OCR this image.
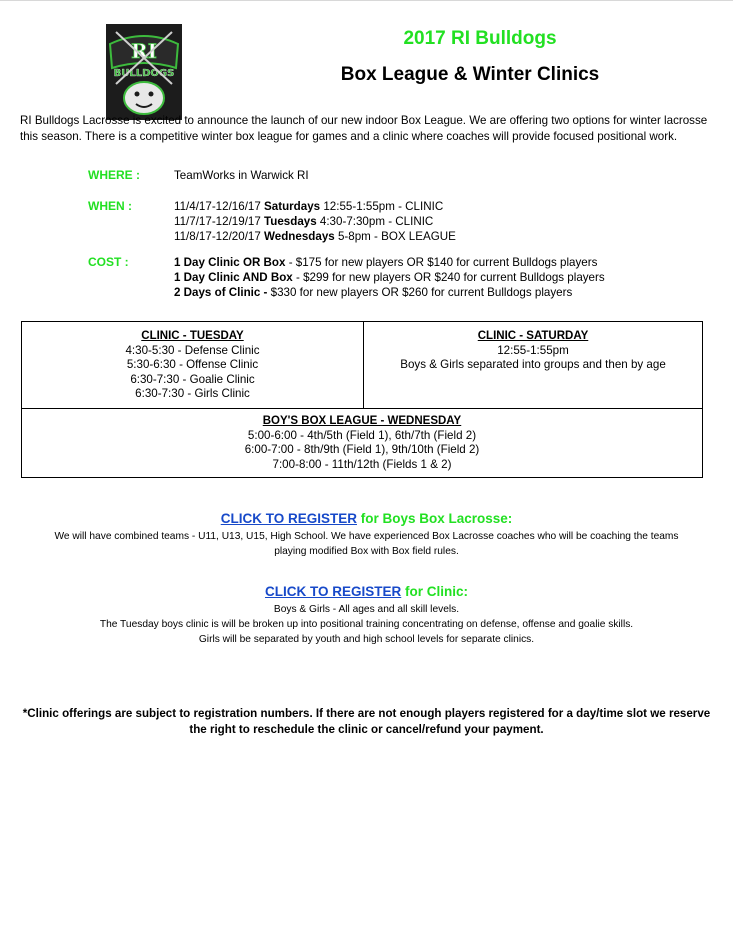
RI
BULLDOGS
2017 RI Bulldogs
Box League & Winter Clinics
RI Bulldogs Lacrosse is excited to announce the launch of our new indoor Box League. We are offering two options for winter lacrosse this season. There is a competitive winter box league for games and a clinic where coaches will provide focused positional work.
WHERE :	TeamWorks in Warwick RI
WHEN :	11/4/17-12/16/17 Saturdays 12:55-1:55pm - CLINIC
11/7/17-12/19/17 Tuesdays 4:30-7:30pm - CLINIC
11/8/17-12/20/17 Wednesdays 5-8pm - BOX LEAGUE
COST :	1 Day Clinic OR Box - $175 for new players OR $140 for current Bulldogs players
1 Day Clinic AND Box - $299 for new players OR $240 for current Bulldogs players
2 Days of Clinic - $330 for new players OR $260 for current Bulldogs players
CLINIC - TUESDAY
4:30-5:30 - Defense Clinic
5:30-6:30 - Offense Clinic
6:30-7:30 - Goalie Clinic
6:30-7:30 - Girls Clinic
CLINIC - SATURDAY
12:55-1:55pm
Boys & Girls separated into groups and then by age
BOY'S BOX LEAGUE - WEDNESDAY
5:00-6:00 - 4th/5th (Field 1), 6th/7th (Field 2)
6:00-7:00 - 8th/9th (Field 1), 9th/10th (Field 2)
7:00-8:00 - 11th/12th (Fields 1 & 2)
CLICK TO REGISTER for Boys Box Lacrosse:
We will have combined teams - U11, U13, U15, High School. We have experienced Box Lacrosse coaches who will be coaching the teams
playing modified Box with Box field rules.
CLICK TO REGISTER for Clinic:
Boys & Girls - All ages and all skill levels.
The Tuesday boys clinic is will be broken up into positional training concentrating on defense, offense and goalie skills.
Girls will be separated by youth and high school levels for separate clinics.
*Clinic offerings are subject to registration numbers. If there are not enough players registered for a day/time slot we reserve the right to reschedule the clinic or cancel/refund your payment.
